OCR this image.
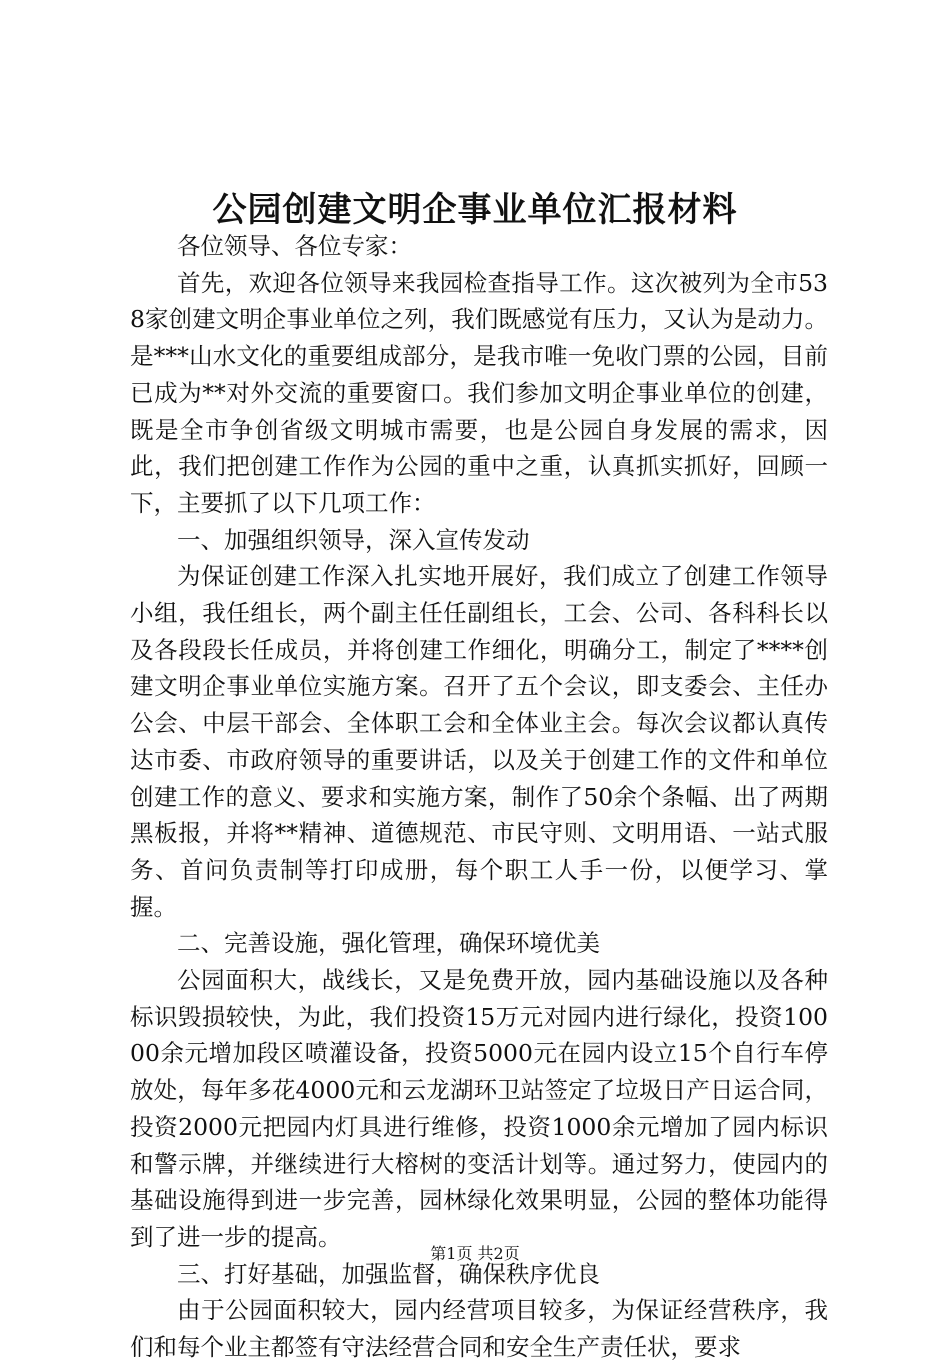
公园创建文明企事业单位汇报材料

各位领导、各位专家：

首先，欢迎各位领导来我园检查指导工作。这次被列为全市538家创建文明企事业单位之列，我们既感觉有压力，又认为是动力。是***山水文化的重要组成部分，是我市唯一免收门票的公园，目前已成为**对外交流的重要窗口。我们参加文明企事业单位的创建，既是全市争创省级文明城市需要，也是公园自身发展的需求，因此，我们把创建工作作为公园的重中之重，认真抓实抓好，回顾一下，主要抓了以下几项工作：

一、加强组织领导，深入宣传发动

为保证创建工作深入扎实地开展好，我们成立了创建工作领导小组，我任组长，两个副主任任副组长，工会、公司、各科科长以及各段段长任成员，并将创建工作细化，明确分工，制定了****创建文明企事业单位实施方案。召开了五个会议，即支委会、主任办公会、中层干部会、全体职工会和全体业主会。每次会议都认真传达市委、市政府领导的重要讲话，以及关于创建工作的文件和单位创建工作的意义、要求和实施方案，制作了50余个条幅、出了两期黑板报，并将**精神、道德规范、市民守则、文明用语、一站式服务、首问负责制等打印成册，每个职工人手一份，以便学习、掌握。

二、完善设施，强化管理，确保环境优美

公园面积大，战线长，又是免费开放，园内基础设施以及各种标识毁损较快，为此，我们投资15万元对园内进行绿化，投资10000余元增加段区喷灌设备，投资5000元在园内设立15个自行车停放处，每年多花4000元和云龙湖环卫站签定了垃圾日产日运合同，投资2000元把园内灯具进行维修，投资1000余元增加了园内标识和警示牌，并继续进行大榕树的变活计划等。通过努力，使园内的基础设施得到进一步完善，园林绿化效果明显，公园的整体功能得到了进一步的提高。

三、打好基础，加强监督，确保秩序优良

由于公园面积较大，园内经营项目较多，为保证经营秩序，我们和每个业主都签有守法经营合同和安全生产责任状，要求

第1页 共2页
